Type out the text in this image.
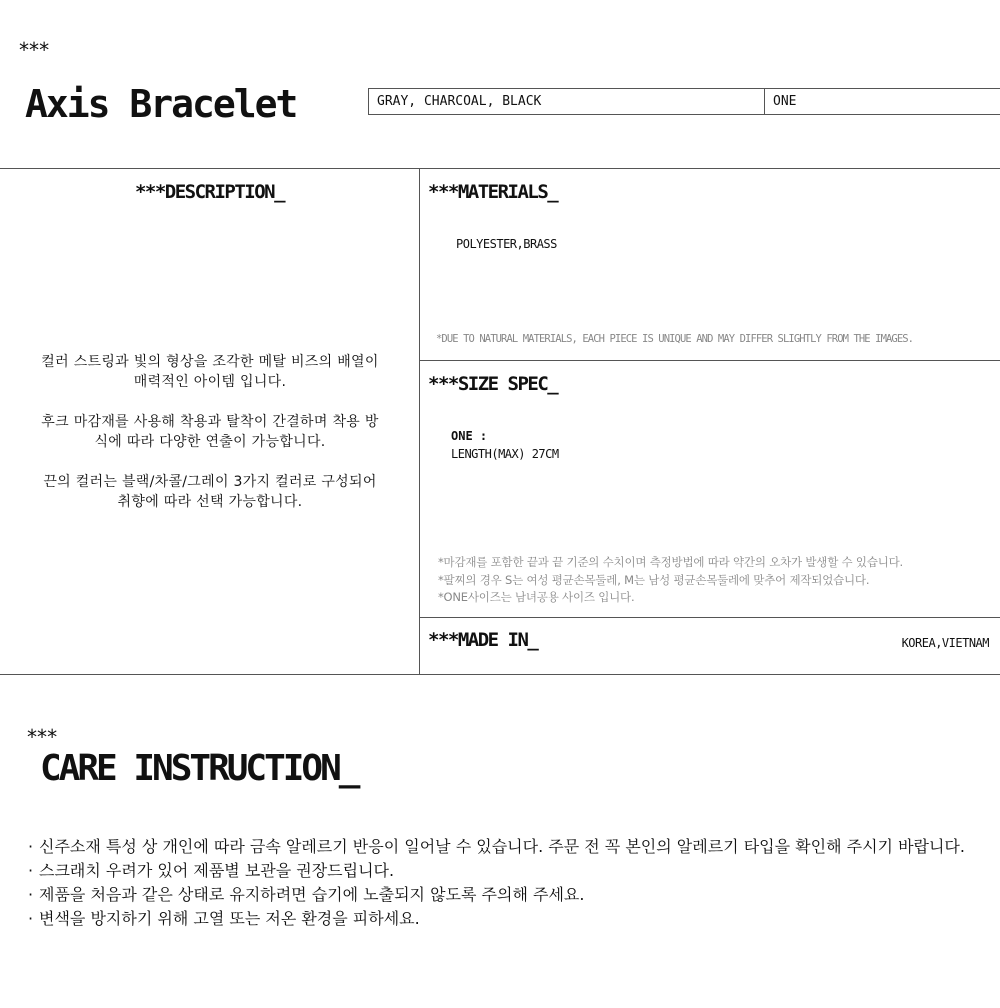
***
Axis Bracelet	GRAY, CHARCOAL, BLACK	ONE
***DESCRIPTION_

컬러 스트링과 빛의 형상을 조각한 메탈 비즈의 배열이 매력적인 아이템 입니다.

후크 마감재를 사용해 착용과 탈착이 간결하며 착용 방식에 따라 다양한 연출이 가능합니다.

끈의 컬러는 블랙/차콜/그레이 3가지 컬러로 구성되어 취향에 따라 선택 가능합니다.

***MATERIALS_
POLYESTER,BRASS
*DUE TO NATURAL MATERIALS, EACH PIECE IS UNIQUE AND MAY DIFFER SLIGHTLY FROM THE IMAGES.
***SIZE SPEC_
ONE :
LENGTH(MAX) 27CM
*마감재를 포함한 끝과 끝 기준의 수치이며 측정방법에 따라 약간의 오차가 발생할 수 있습니다.
*팔찌의 경우 S는 여성 평균손목둘레, M는 남성 평균손목둘레에 맞추어 제작되었습니다.
*ONE사이즈는 남녀공용 사이즈 입니다.
***MADE IN_	KOREA,VIETNAM
***
CARE INSTRUCTION_
· 신주소재 특성 상 개인에 따라 금속 알레르기 반응이 일어날 수 있습니다. 주문 전 꼭 본인의 알레르기 타입을 확인해 주시기 바랍니다.
· 스크래치 우려가 있어 제품별 보관을 권장드립니다.
· 제품을 처음과 같은 상태로 유지하려면 습기에 노출되지 않도록 주의해 주세요.
· 변색을 방지하기 위해 고열 또는 저온 환경을 피하세요.
